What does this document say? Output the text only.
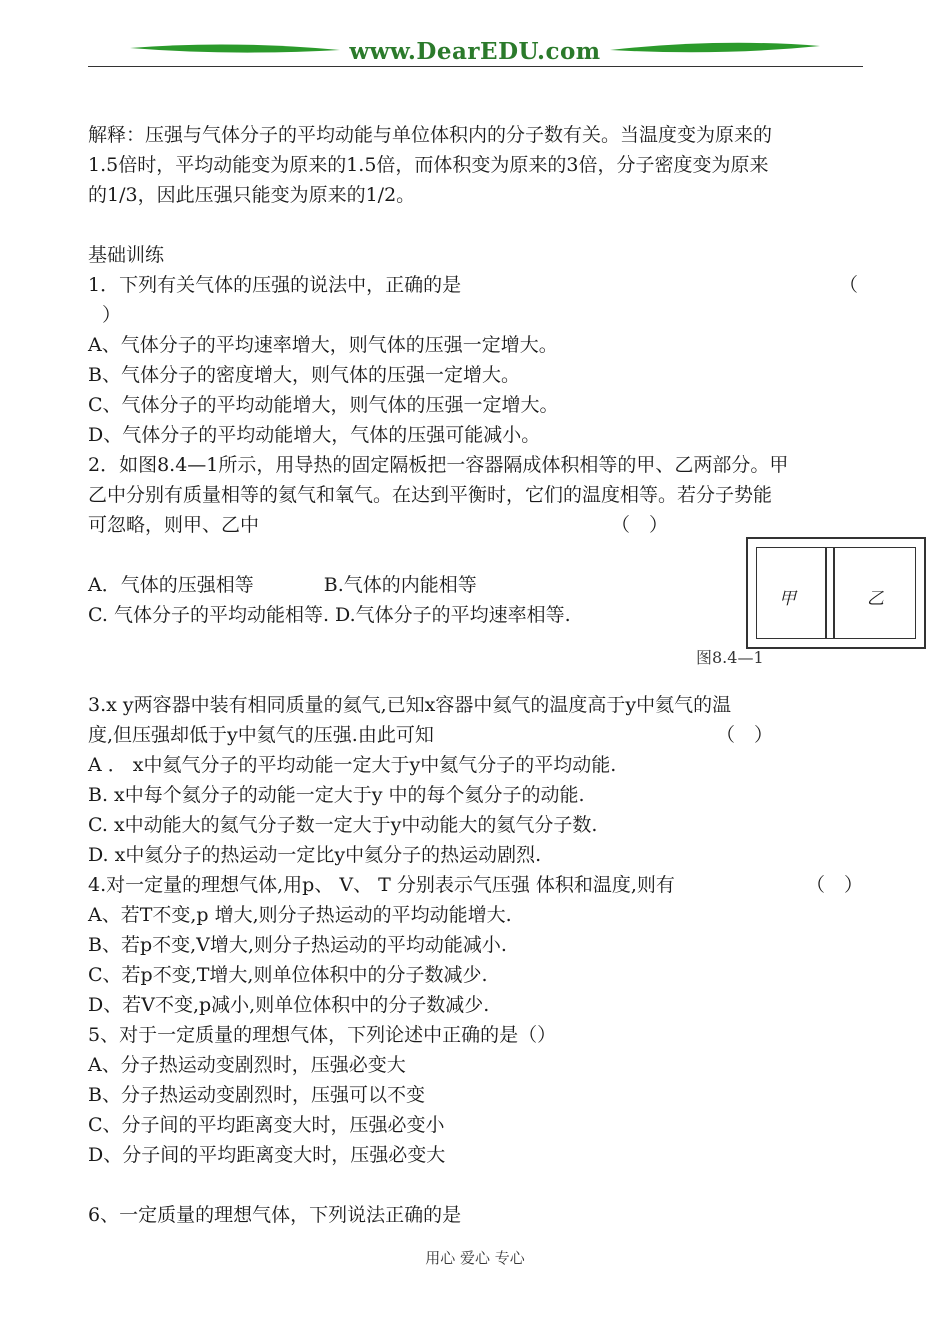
www.DearEDU.com
解释：压强与气体分子的平均动能与单位体积内的分子数有关。当温度变为原来的
1.5倍时，平均动能变为原来的1.5倍，而体积变为原来的3倍，分子密度变为原来
的1/3，因此压强只能变为原来的1/2。
基础训练
1．下列有关气体的压强的说法中，正确的是	（
）
A、气体分子的平均速率增大，则气体的压强一定增大。
B、气体分子的密度增大，则气体的压强一定增大。
C、气体分子的平均动能增大，则气体的压强一定增大。
D、气体分子的平均动能增大，气体的压强可能减小。
2．如图8.4—1所示，用导热的固定隔板把一容器隔成体积相等的甲、乙两部分。甲
乙中分别有质量相等的氦气和氧气。在达到平衡时，它们的温度相等。若分子势能
可忽略，则甲、乙中	（　）
A．气体的压强相等	B.气体的内能相等
C. 气体分子的平均动能相等. D.气体分子的平均速率相等.
3.x y两容器中装有相同质量的氦气,已知x容器中氦气的温度高于y中氦气的温
度,但压强却低于y中氦气的压强.由此可知	（　）
A ． x中氦气分子的平均动能一定大于y中氦气分子的平均动能.
B. x中每个氦分子的动能一定大于y 中的每个氦分子的动能.
C. x中动能大的氦气分子数一定大于y中动能大的氦气分子数.
D. x中氦分子的热运动一定比y中氦分子的热运动剧烈.
4.对一定量的理想气体,用p、 V、 T 分别表示气压强 体积和温度,则有	（　）
A、若T不变,p 增大,则分子热运动的平均动能增大.
B、若p不变,V增大,则分子热运动的平均动能减小.
C、若p不变,T增大,则单位体积中的分子数减少.
D、若V不变,p减小,则单位体积中的分子数减少.
5、对于一定质量的理想气体，下列论述中正确的是（）
A、分子热运动变剧烈时，压强必变大
B、分子热运动变剧烈时，压强可以不变
C、分子间的平均距离变大时，压强必变小
D、分子间的平均距离变大时，压强必变大
6、一定质量的理想气体，下列说法正确的是
甲	乙
图8.4—1
用心 爱心 专心
